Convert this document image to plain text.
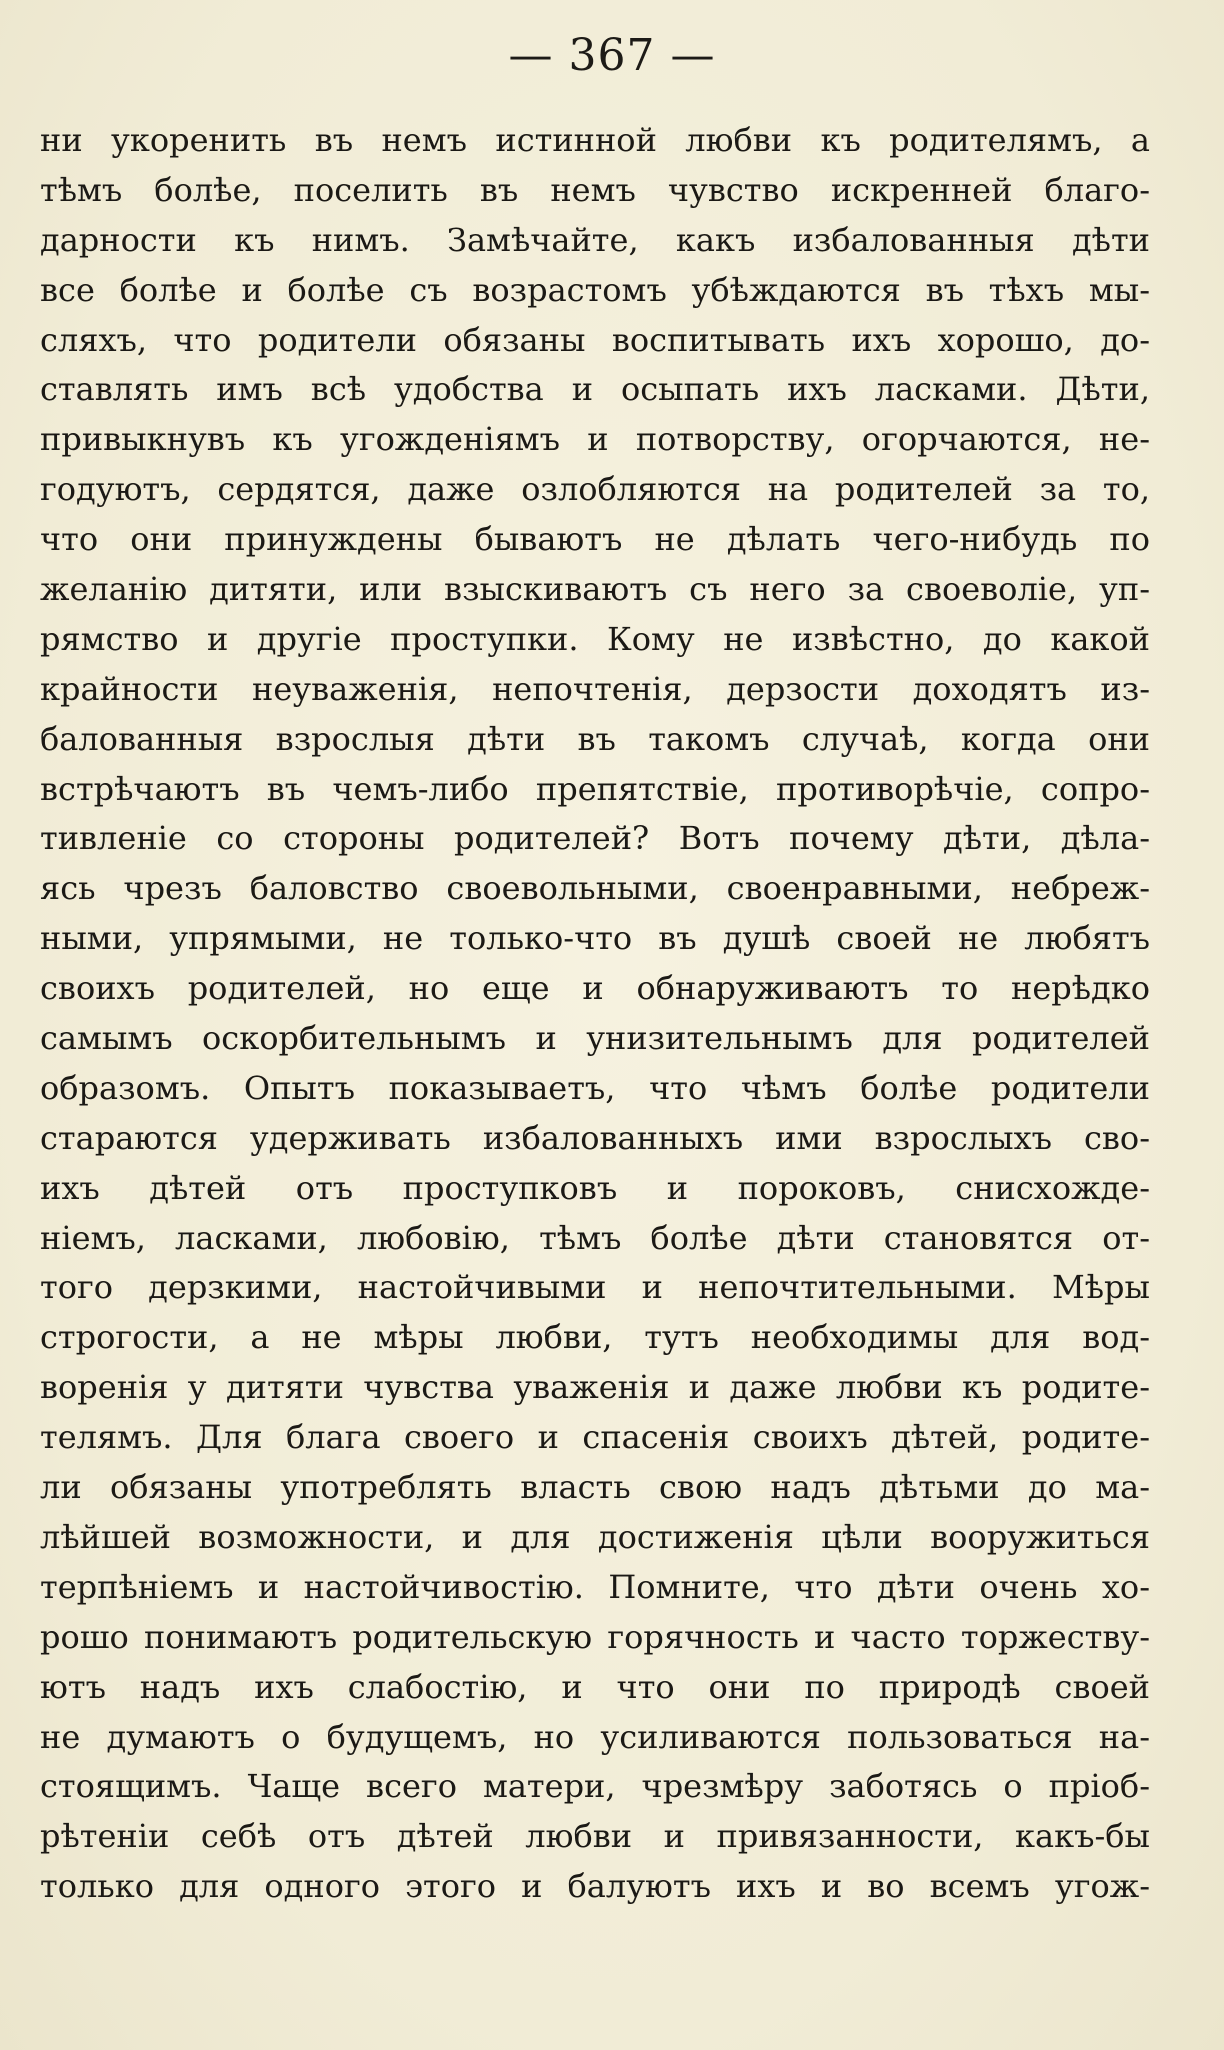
— 367 —
ни укоренить въ немъ истинной любви къ родителямъ, а
тѣмъ болѣе, поселить въ немъ чувство искренней благо-
дарности къ нимъ. Замѣчайте, какъ избалованныя дѣти
все болѣе и болѣе съ возрастомъ убѣждаются въ тѣхъ мы-
сляхъ, что родители обязаны воспитывать ихъ хорошо, до-
ставлять имъ всѣ удобства и осыпать ихъ ласками. Дѣти,
привыкнувъ къ угожденіямъ и потворству, огорчаются, не-
годуютъ, сердятся, даже озлобляются на родителей за то,
что они принуждены бываютъ не дѣлать чего-нибудь по
желанію дитяти, или взыскиваютъ съ него за своеволіе, уп-
рямство и другіе проступки. Кому не извѣстно, до какой
крайности неуваженія, непочтенія, дерзости доходятъ из-
балованныя взрослыя дѣти въ такомъ случаѣ, когда они
встрѣчаютъ въ чемъ-либо препятствіе, противорѣчіе, сопро-
тивленіе со стороны родителей? Вотъ почему дѣти, дѣла-
ясь чрезъ баловство своевольными, своенравными, небреж-
ными, упрямыми, не только-что въ душѣ своей не любятъ
своихъ родителей, но еще и обнаруживаютъ то нерѣдко
самымъ оскорбительнымъ и унизительнымъ для родителей
образомъ. Опытъ показываетъ, что чѣмъ болѣе родители
стараются удерживать избалованныхъ ими взрослыхъ сво-
ихъ дѣтей отъ проступковъ и пороковъ, снисхожде-
ніемъ, ласками, любовію, тѣмъ болѣе дѣти становятся от-
того дерзкими, настойчивыми и непочтительными. Мѣры
строгости, а не мѣры любви, тутъ необходимы для вод-
воренія у дитяти чувства уваженія и даже любви къ родите-
телямъ. Для блага своего и спасенія своихъ дѣтей, родите-
ли обязаны употреблять власть свою надъ дѣтьми до ма-
лѣйшей возможности, и для достиженія цѣли вооружиться
терпѣніемъ и настойчивостію. Помните, что дѣти очень хо-
рошо понимаютъ родительскую горячность и часто торжеству-
ютъ надъ ихъ слабостію, и что они по природѣ своей
не думаютъ о будущемъ, но усиливаются пользоваться на-
стоящимъ. Чаще всего матери, чрезмѣру заботясь о пріоб-
рѣтеніи себѣ отъ дѣтей любви и привязанности, какъ-бы
только для одного этого и балуютъ ихъ и во всемъ угож-
